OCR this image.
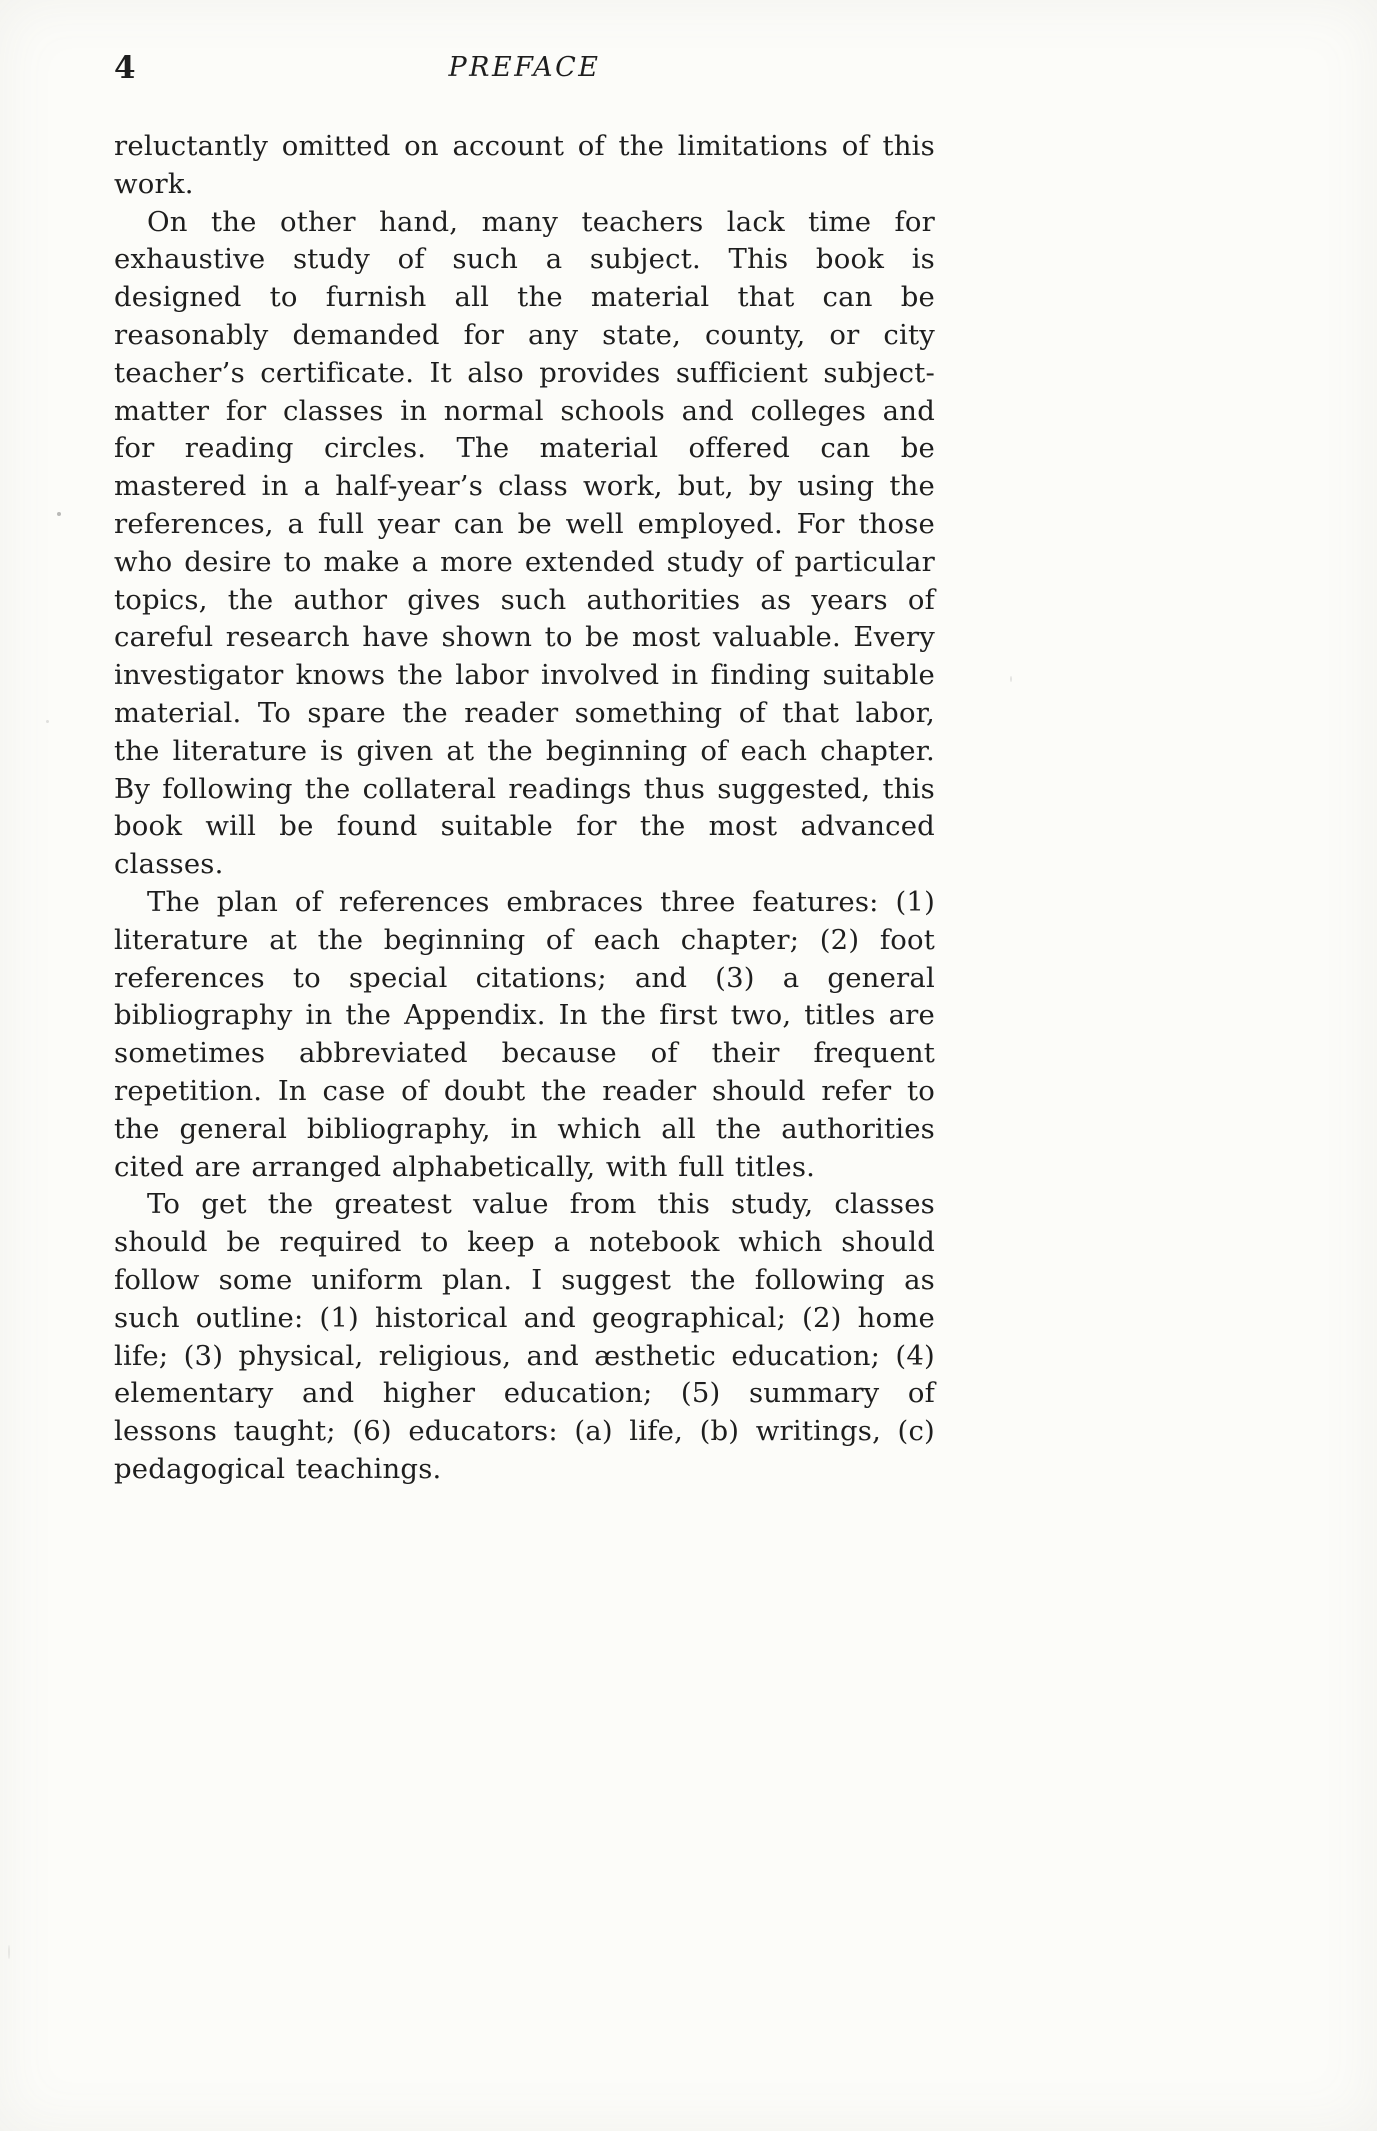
4	PREFACE

reluctantly omitted on account of the limitations of this work.

On the other hand, many teachers lack time for exhaustive study of such a subject. This book is designed to furnish all the material that can be reasonably demanded for any state, county, or city teacher’s certificate. It also provides sufficient subject-matter for classes in normal schools and colleges and for reading circles. The material offered can be mastered in a half-year’s class work, but, by using the references, a full year can be well employed. For those who desire to make a more extended study of particular topics, the author gives such authorities as years of careful research have shown to be most valuable. Every investigator knows the labor involved in finding suitable material. To spare the reader something of that labor, the literature is given at the beginning of each chapter. By following the collateral readings thus suggested, this book will be found suitable for the most advanced classes.

The plan of references embraces three features: (1) literature at the beginning of each chapter; (2) foot references to special citations; and (3) a general bibliography in the Appendix. In the first two, titles are sometimes abbreviated because of their frequent repetition. In case of doubt the reader should refer to the general bibliography, in which all the authorities cited are arranged alphabetically, with full titles.

To get the greatest value from this study, classes should be required to keep a notebook which should follow some uniform plan. I suggest the following as such outline: (1) historical and geographical; (2) home life; (3) physical, religious, and æsthetic education; (4) elementary and higher education; (5) summary of lessons taught; (6) educators: (a) life, (b) writings, (c) pedagogical teachings.
